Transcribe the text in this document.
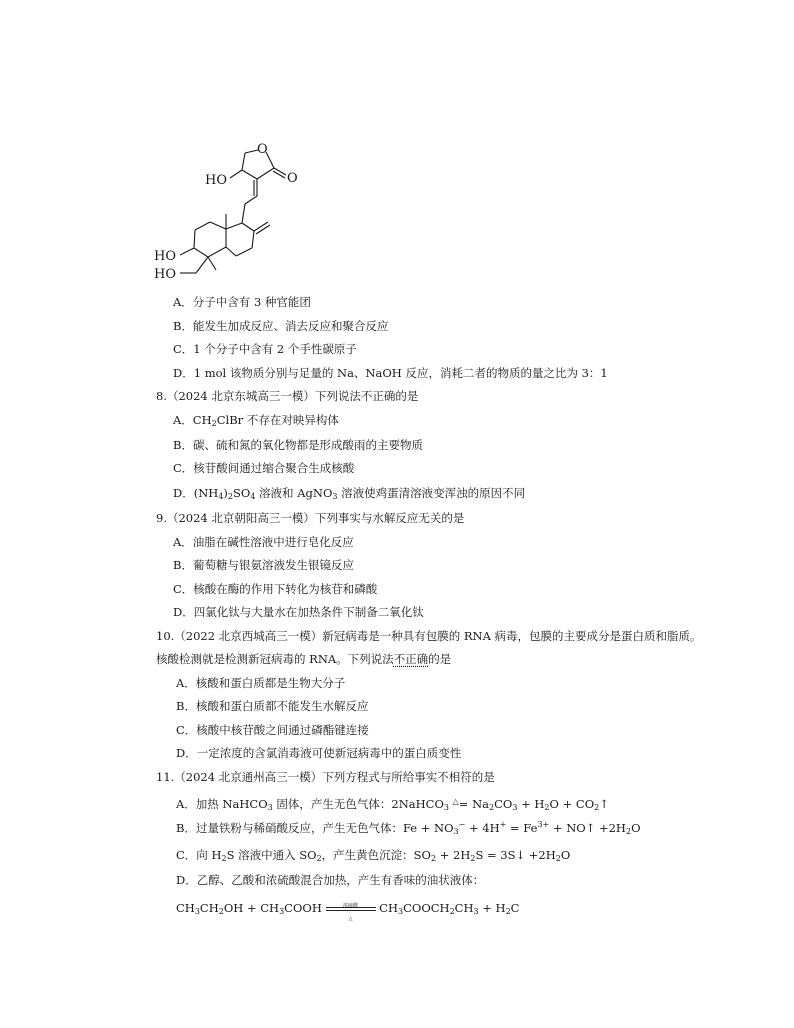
O
O
HO
HO
HO
A．分子中含有 3 种官能团
B．能发生加成反应、消去反应和聚合反应
C．1 个分子中含有 2 个手性碳原子
D．1 mol 该物质分别与足量的 Na、NaOH 反应，消耗二者的物质的量之比为 3：1
8.（2024 北京东城高三一模）下列说法不正确的是
A．$CH_2ClBr$ 不存在对映异构体
B．碳、硫和氮的氧化物都是形成酸雨的主要物质
C．核苷酸间通过缩合聚合生成核酸
D．$(NH_4)_2SO_4$ 溶液和 AgNO$_3$ 溶液使鸡蛋清溶液变浑浊的原因不同
9.（2024 北京朝阳高三一模）下列事实与水解反应无关的是
A．油脂在碱性溶液中进行皂化反应
B．葡萄糖与银氨溶液发生银镜反应
C．核酸在酶的作用下转化为核苷和磷酸
D．四氯化钛与大量水在加热条件下制备二氧化钛
10.（2022 北京西城高三一模）新冠病毒是一种具有包膜的 RNA 病毒，包膜的主要成分是蛋白质和脂质。
核酸检测就是检测新冠病毒的 RNA。下列说法不正确的是
A．核酸和蛋白质都是生物大分子
B．核酸和蛋白质都不能发生水解反应
C．核酸中核苷酸之间通过磷酯键连接
D．一定浓度的含氯消毒液可使新冠病毒中的蛋白质变性
11.（2024 北京通州高三一模）下列方程式与所给事实不相符的是
A．加热 NaHCO$_3$ 固体，产生无色气体：2NaHCO$_3$ $^\triangle= Na_2CO_3 + H_2O$ + $CO_2↑$
B．过量铁粉与稀硝酸反应，产生无色气体：$Fe + NO_3^- + 4H^+ = Fe^{3+}$ + NO↑ $+2H_2O$
C．向 $H_2S$ 溶液中通入 $SO_2$，产生黄色沉淀：$SO_2 + 2H_2S$ = 3S↓ $+2H_2O$
D．乙醇、乙酸和浓硫酸混合加热，产生有香味的油状液体：
$CH_3CH_2OH$ + $CH_3COOH$	浓硫酸
△
$CH_3COOCH_2CH_3 + H_2C$
